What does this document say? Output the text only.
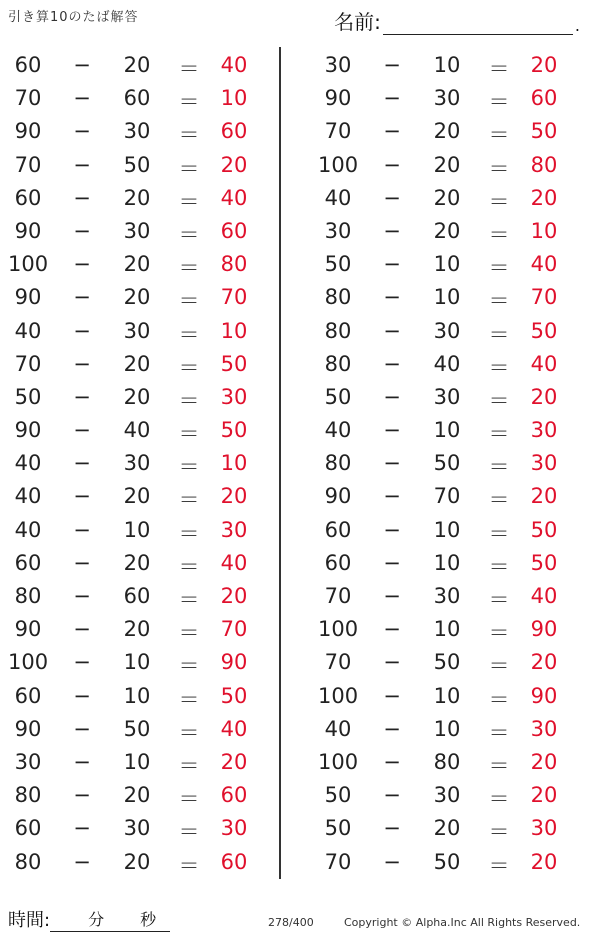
引き算10のたば解答	名前:	.
60	−	20	＝	40
70	−	60	＝	10
90	−	30	＝	60
70	−	50	＝	20
60	−	20	＝	40
90	−	30	＝	60
100 −	20	＝	80
90	−	20	＝	70
40	−	30	＝	10
70	−	20	＝	50
50	−	20	＝	30
90	−	40	＝	50
40	−	30	＝	10
40	−	20	＝	20
40	−	10	＝	30
60	−	20	＝	40
80	−	60	＝	20
90	−	20	＝	70
100 −	10	＝	90
60	−	10	＝	50
90	−	50	＝	40
30	−	10	＝	20
80	−	20	＝	60
60	−	30	＝	30
80	−	20	＝	60
30	−	10	＝	20
90	−	30	＝	60
70	−	20	＝	50
100 −	20	＝	80
40	−	20	＝	20
30	−	20	＝	10
50	−	10	＝	40
80	−	10	＝	70
80	−	30	＝	50
80	−	40	＝	40
50	−	30	＝	20
40	−	10	＝	30
80	−	50	＝	30
90	−	70	＝	20
60	−	10	＝	50
60	−	10	＝	50
70	−	30	＝	40
100 −	10	＝	90
70	−	50	＝	20
100 −	10	＝	90
40	−	10	＝	30
100 −	80	＝	20
50	−	30	＝	20
50	−	20	＝	30
70	−	50	＝	20
時間: 分 秒	278/400	Copyright © Alpha.Inc All Rights Reserved.
